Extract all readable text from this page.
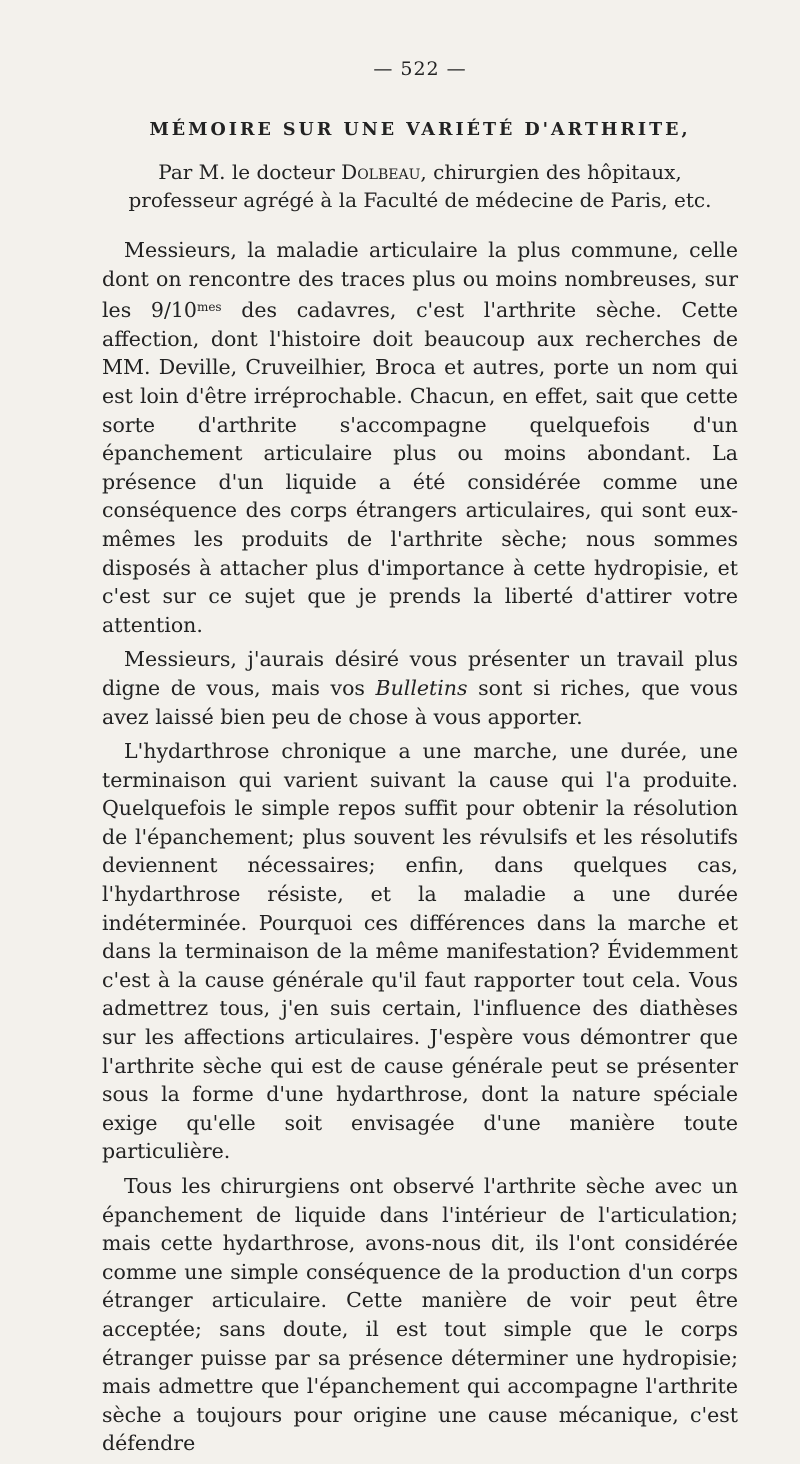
— 522 —
MÉMOIRE SUR UNE VARIÉTÉ D'ARTHRITE,
Par M. le docteur Dolbeau, chirurgien des hôpitaux, professeur agrégé à la Faculté de médecine de Paris, etc.

Messieurs, la maladie articulaire la plus commune, celle dont on rencontre des traces plus ou moins nombreuses, sur les $9/10^{mes}$ des cadavres, c'est l'arthrite sèche. Cette affection, dont l'histoire doit beaucoup aux recherches de MM. Deville, Cruveilhier, Broca et autres, porte un nom qui est loin d'être irréprochable. Chacun, en effet, sait que cette sorte d'arthrite s'accompagne quelquefois d'un épanchement articulaire plus ou moins abondant. La présence d'un liquide a été considérée comme une conséquence des corps étrangers articulaires, qui sont eux-mêmes les produits de l'arthrite sèche; nous sommes disposés à attacher plus d'importance à cette hydropisie, et c'est sur ce sujet que je prends la liberté d'attirer votre attention.

Messieurs, j'aurais désiré vous présenter un travail plus digne de vous, mais vos Bulletins sont si riches, que vous avez laissé bien peu de chose à vous apporter.

L'hydarthrose chronique a une marche, une durée, une terminaison qui varient suivant la cause qui l'a produite. Quelquefois le simple repos suffit pour obtenir la résolution de l'épanchement; plus souvent les révulsifs et les résolutifs deviennent nécessaires; enfin, dans quelques cas, l'hydarthrose résiste, et la maladie a une durée indéterminée. Pourquoi ces différences dans la marche et dans la terminaison de la même manifestation? Évidemment c'est à la cause générale qu'il faut rapporter tout cela. Vous admettrez tous, j'en suis certain, l'influence des diathèses sur les affections articulaires. J'espère vous démontrer que l'arthrite sèche qui est de cause générale peut se présenter sous la forme d'une hydarthrose, dont la nature spéciale exige qu'elle soit envisagée d'une manière toute particulière.

Tous les chirurgiens ont observé l'arthrite sèche avec un épanchement de liquide dans l'intérieur de l'articulation; mais cette hydarthrose, avons-nous dit, ils l'ont considérée comme une simple conséquence de la production d'un corps étranger articulaire. Cette manière de voir peut être acceptée; sans doute, il est tout simple que le corps étranger puisse par sa présence déterminer une hydropisie; mais admettre que l'épanchement qui accompagne l'arthrite sèche a toujours pour origine une cause mécanique, c'est défendre
